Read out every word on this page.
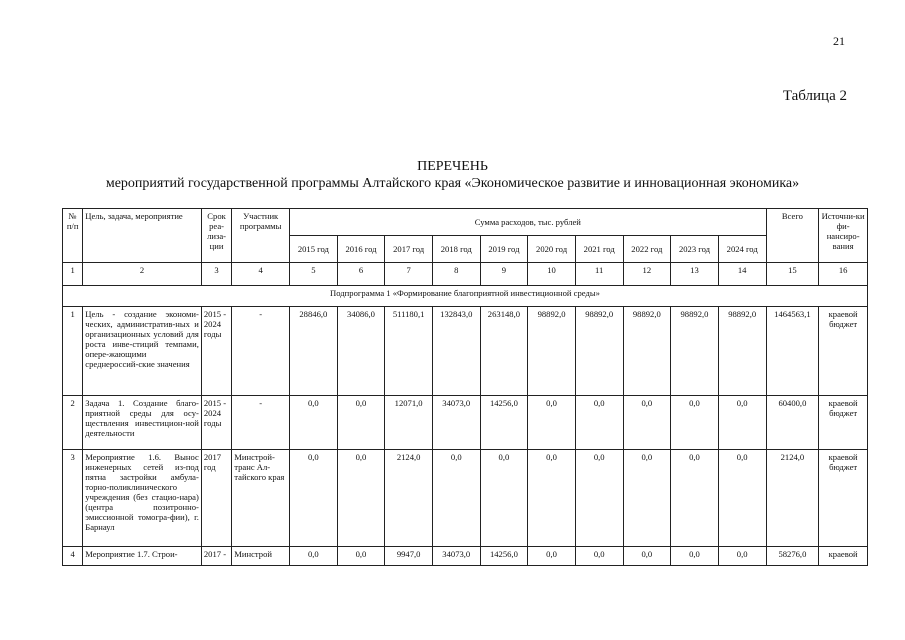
21
Таблица 2
ПЕРЕЧЕНЬ
мероприятий государственной программы Алтайского края «Экономическое развитие и инновационная экономика»
№ п/п	Цель, задача, мероприятие	Срок реа-лиза-ции	Участник программы	Сумма расходов, тыс. рублей										Всего	Источни-ки фи-нансиро-вания
				2015 год	2016 год	2017 год	2018 год	2019 год	2020 год	2021 год	2022 год	2023 год	2024 год		
1	2	3	4	5	6	7	8	9	10	11	12	13	14	15	16
Подпрограмма 1 «Формирование благоприятной инвестиционной среды»															
1	Цель - создание экономи-ческих, административ-ных и организационных условий для роста инве-стиций темпами, опере-жающими среднероссий-ские значения	2015 - 2024 годы	-	28846,0	34086,0	511180,1	132843,0	263148,0	98892,0	98892,0	98892,0	98892,0	98892,0	1464563,1	краевой бюджет
2	Задача 1. Создание благо-приятной среды для осу-ществления инвестицион-ной деятельности	2015 - 2024 годы	-	0,0	0,0	12071,0	34073,0	14256,0	0,0	0,0	0,0	0,0	0,0	60400,0	краевой бюджет
3	Мероприятие 1.6. Вынос инженерных сетей из-под пятна застройки амбула-торно-поликлинического учреждения (без стацио-нара) (центра позитронно-эмиссионной томогра-фии), г. Барнаул	2017 год	Минстрой-транс Ал-тайского края	0,0	0,0	2124,0	0,0	0,0	0,0	0,0	0,0	0,0	0,0	2124,0	краевой бюджет
4	Мероприятие 1.7. Строи-	2017 -	Минстрой	0,0	0,0	9947,0	34073,0	14256,0	0,0	0,0	0,0	0,0	0,0	58276,0	краевой
